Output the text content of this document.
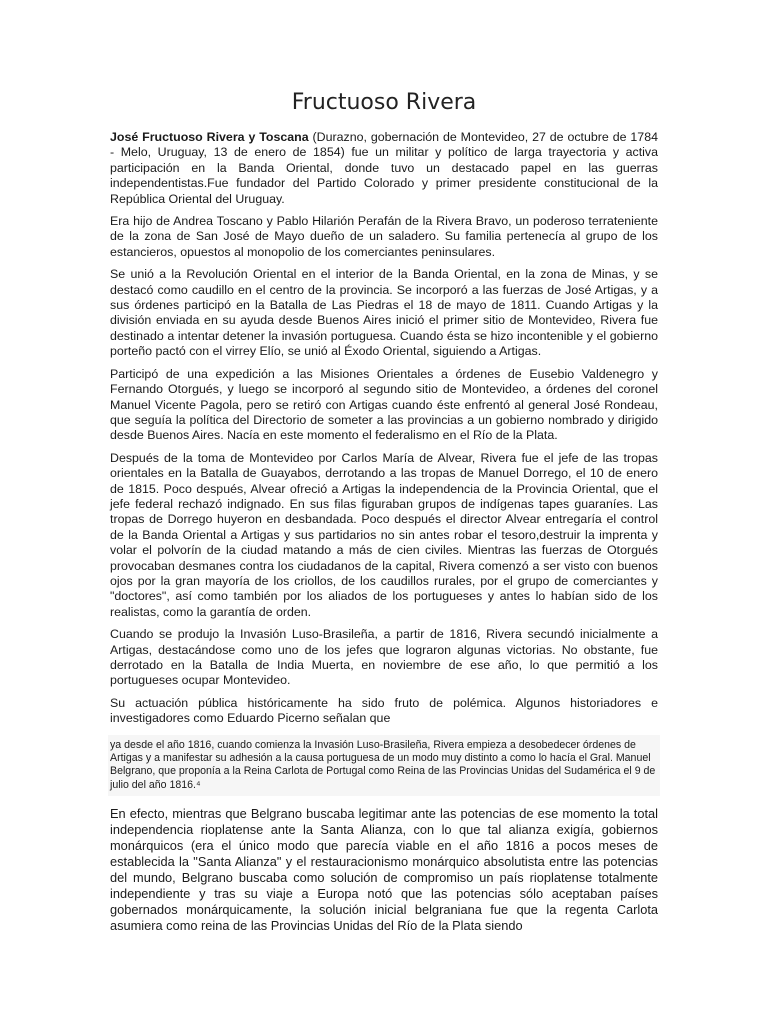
Fructuoso Rivera

José Fructuoso Rivera y Toscana (Durazno, gobernación de Montevideo, 27 de octubre de 1784 - Melo, Uruguay, 13 de enero de 1854) fue un militar y político de larga trayectoria y activa participación en la Banda Oriental, donde tuvo un destacado papel en las guerras independentistas.Fue fundador del Partido Colorado y primer presidente constitucional de la República Oriental del Uruguay.

Era hijo de Andrea Toscano y Pablo Hilarión Perafán de la Rivera Bravo, un poderoso terrateniente de la zona de San José de Mayo dueño de un saladero. Su familia pertenecía al grupo de los estancieros, opuestos al monopolio de los comerciantes peninsulares.

Se unió a la Revolución Oriental en el interior de la Banda Oriental, en la zona de Minas, y se destacó como caudillo en el centro de la provincia. Se incorporó a las fuerzas de José Artigas, y a sus órdenes participó en la Batalla de Las Piedras el 18 de mayo de 1811. Cuando Artigas y la división enviada en su ayuda desde Buenos Aires inició el primer sitio de Montevideo, Rivera fue destinado a intentar detener la invasión portuguesa. Cuando ésta se hizo incontenible y el gobierno porteño pactó con el virrey Elío, se unió al Éxodo Oriental, siguiendo a Artigas.

Participó de una expedición a las Misiones Orientales a órdenes de Eusebio Valdenegro y Fernando Otorgués, y luego se incorporó al segundo sitio de Montevideo, a órdenes del coronel Manuel Vicente Pagola, pero se retiró con Artigas cuando éste enfrentó al general José Rondeau, que seguía la política del Directorio de someter a las provincias a un gobierno nombrado y dirigido desde Buenos Aires. Nacía en este momento el federalismo en el Río de la Plata.

Después de la toma de Montevideo por Carlos María de Alvear, Rivera fue el jefe de las tropas orientales en la Batalla de Guayabos, derrotando a las tropas de Manuel Dorrego, el 10 de enero de 1815. Poco después, Alvear ofreció a Artigas la independencia de la Provincia Oriental, que el jefe federal rechazó indignado. En sus filas figuraban grupos de indígenas tapes guaraníes. Las tropas de Dorrego huyeron en desbandada. Poco después el director Alvear entregaría el control de la Banda Oriental a Artigas y sus partidarios no sin antes robar el tesoro,destruir la imprenta y volar el polvorín de la ciudad matando a más de cien civiles. Mientras las fuerzas de Otorgués provocaban desmanes contra los ciudadanos de la capital, Rivera comenzó a ser visto con buenos ojos por la gran mayoría de los criollos, de los caudillos rurales, por el grupo de comerciantes y "doctores", así como también por los aliados de los portugueses y antes lo habían sido de los realistas, como la garantía de orden.

Cuando se produjo la Invasión Luso-Brasileña, a partir de 1816, Rivera secundó inicialmente a Artigas, destacándose como uno de los jefes que lograron algunas victorias. No obstante, fue derrotado en la Batalla de India Muerta, en noviembre de ese año, lo que permitió a los portugueses ocupar Montevideo.

Su actuación pública históricamente ha sido fruto de polémica. Algunos historiadores e investigadores como Eduardo Picerno señalan que

ya desde el año 1816, cuando comienza la Invasión Luso-Brasileña, Rivera empieza a desobedecer órdenes de Artigas y a manifestar su adhesión a la causa portuguesa de un modo muy distinto a como lo hacía el Gral. Manuel Belgrano, que proponía a la Reina Carlota de Portugal como Reina de las Provincias Unidas del Sudamérica el 9 de julio del año 1816.⁴

En efecto, mientras que Belgrano buscaba legitimar ante las potencias de ese momento la total independencia rioplatense ante la Santa Alianza, con lo que tal alianza exigía, gobiernos monárquicos (era el único modo que parecía viable en el año 1816 a pocos meses de establecida la "Santa Alianza" y el restauracionismo monárquico absolutista entre las potencias del mundo, Belgrano buscaba como solución de compromiso un país rioplatense totalmente independiente y tras su viaje a Europa notó que las potencias sólo aceptaban países gobernados monárquicamente, la solución inicial belgraniana fue que la regenta Carlota asumiera como reina de las Provincias Unidas del Río de la Plata siendo
